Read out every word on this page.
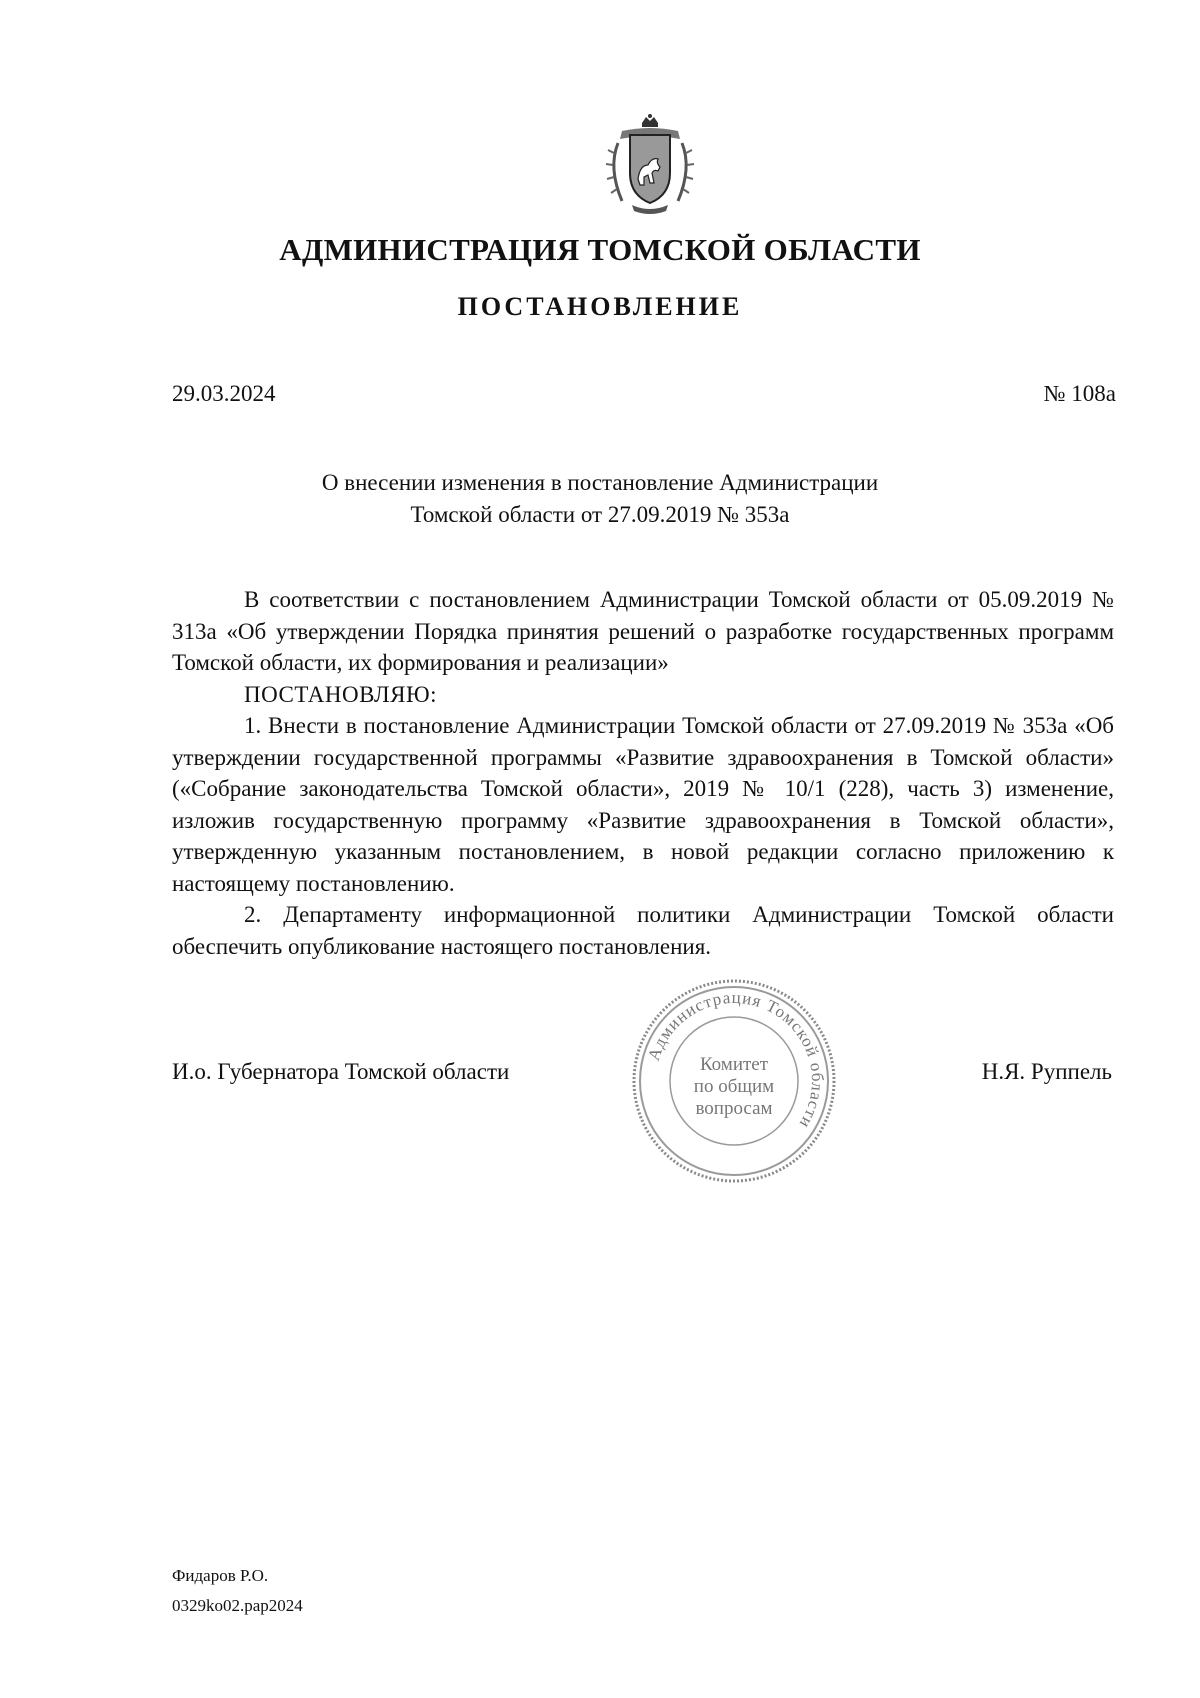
АДМИНИСТРАЦИЯ ТОМСКОЙ ОБЛАСТИ
ПОСТАНОВЛЕНИЕ
29.03.2024	№ 108а
О внесении изменения в постановление Администрации
Томской области от 27.09.2019 № 353а

В соответствии с постановлением Администрации Томской области от 05.09.2019 № 313а «Об утверждении Порядка принятия решений о разработке государственных программ Томской области, их формирования и реализации»

ПОСТАНОВЛЯЮ:

1. Внести в постановление Администрации Томской области от 27.09.2019 № 353а «Об утверждении государственной программы «Развитие здравоохранения в Томской области» («Собрание законодательства Томской области», 2019 № 10/1 (228), часть 3) изменение, изложив государственную программу «Развитие здравоохранения в Томской области», утвержденную указанным постановлением, в новой редакции согласно приложению к настоящему постановлению.

2. Департаменту информационной политики Администрации Томской области обеспечить опубликование настоящего постановления.

И.о. Губернатора Томской области
Администрация Томской области
Комитет
по общим
вопросам
Н.Я. Руппель
Фидаров Р.О.
0329ko02.pap2024
